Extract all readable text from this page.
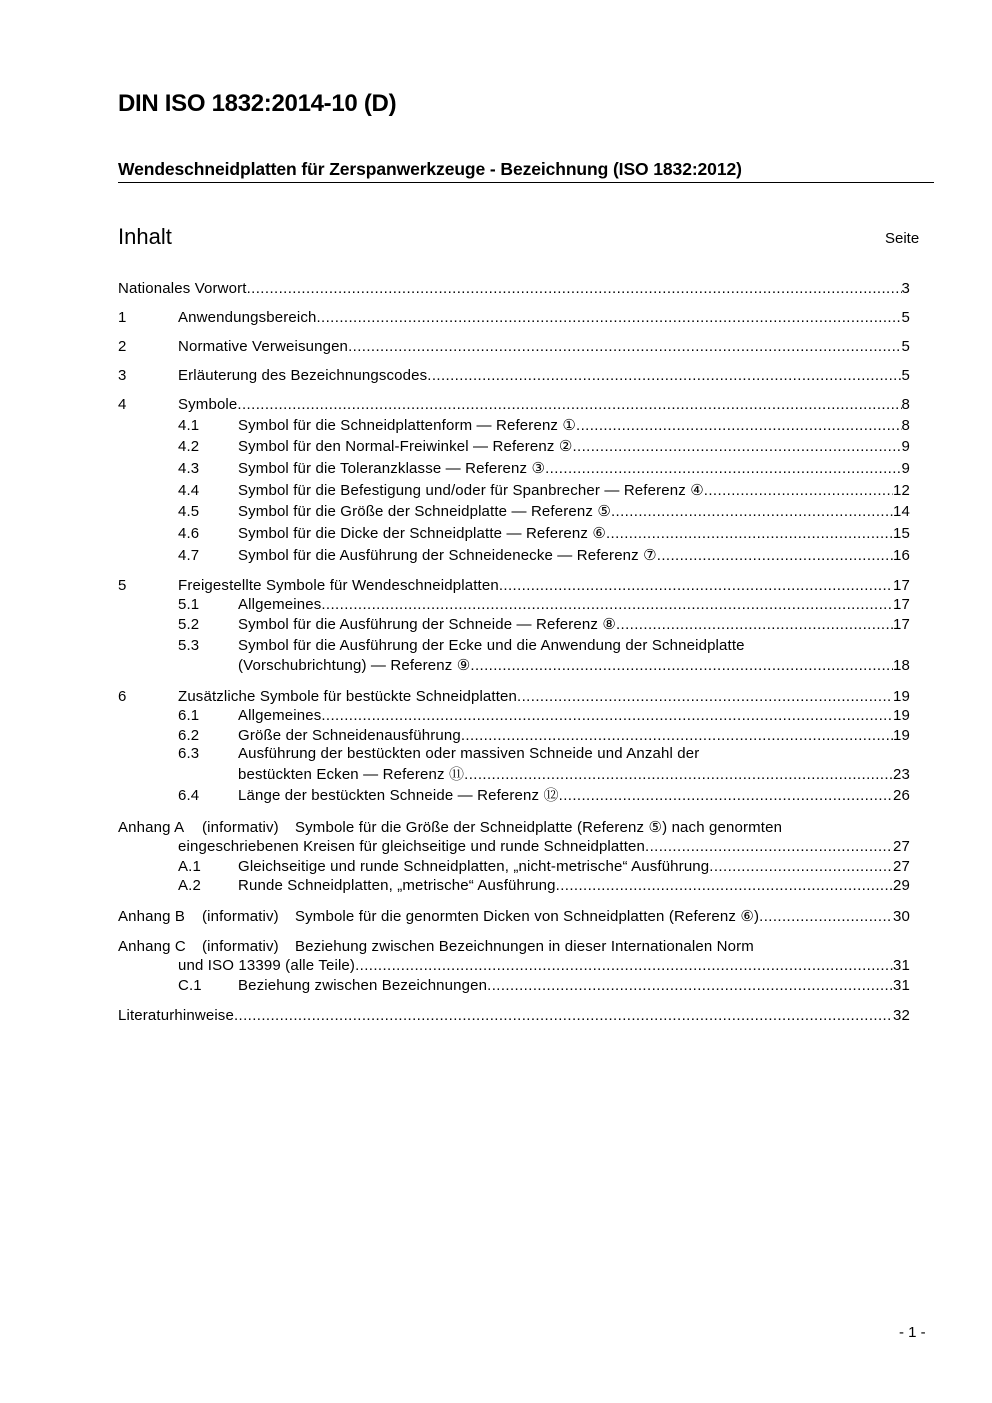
DIN ISO 1832:2014-10 (D)
Wendeschneidplatten für Zerspanwerkzeuge - Bezeichnung (ISO 1832:2012)
Inhalt	Seite
Nationales Vorwort .....	3
1	Anwendungsbereich .....	5
2	Normative Verweisungen .....	5
3	Erläuterung des Bezeichnungscodes .....	5
4	Symbole .....	8
4.1	Symbol für die Schneidplattenform — Referenz ① .....	8
4.2	Symbol für den Normal-Freiwinkel — Referenz ② .....	9
4.3	Symbol für die Toleranzklasse — Referenz ③ .....	9
4.4	Symbol für die Befestigung und/oder für Spanbrecher — Referenz ④ .....	12
4.5	Symbol für die Größe der Schneidplatte — Referenz ⑤ .....	14
4.6	Symbol für die Dicke der Schneidplatte — Referenz ⑥ .....	15
4.7	Symbol für die Ausführung der Schneidenecke — Referenz ⑦ .....	16
5	Freigestellte Symbole für Wendeschneidplatten .....	17
5.1	Allgemeines .....	17
5.2	Symbol für die Ausführung der Schneide — Referenz ⑧ .....	17
5.3	Symbol für die Ausführung der Ecke und die Anwendung der Schneidplatte
(Vorschubrichtung) — Referenz ⑨ .....	18
6	Zusätzliche Symbole für bestückte Schneidplatten .....	19
6.1	Allgemeines .....	19
6.2	Größe der Schneidenausführung .....	19
6.3	Ausführung der bestückten oder massiven Schneide und Anzahl der
bestückten Ecken — Referenz ⑪ .....	23
6.4	Länge der bestückten Schneide — Referenz ⑫ .....	26
Anhang A (informativ) Symbole für die Größe der Schneidplatte (Referenz ⑤) nach genormten
eingeschriebenen Kreisen für gleichseitige und runde Schneidplatten .....	27
A.1 Gleichseitige und runde Schneidplatten, „nicht-metrische“ Ausführung .....	27
A.2 Runde Schneidplatten, „metrische“ Ausführung .....	29
Anhang B (informativ) Symbole für die genormten Dicken von Schneidplatten (Referenz ⑥) .....	30
Anhang C (informativ) Beziehung zwischen Bezeichnungen in dieser Internationalen Norm
und ISO 13399 (alle Teile) .....	31
C.1 Beziehung zwischen Bezeichnungen .....	31
Literaturhinweise .....	32
- 1 -
